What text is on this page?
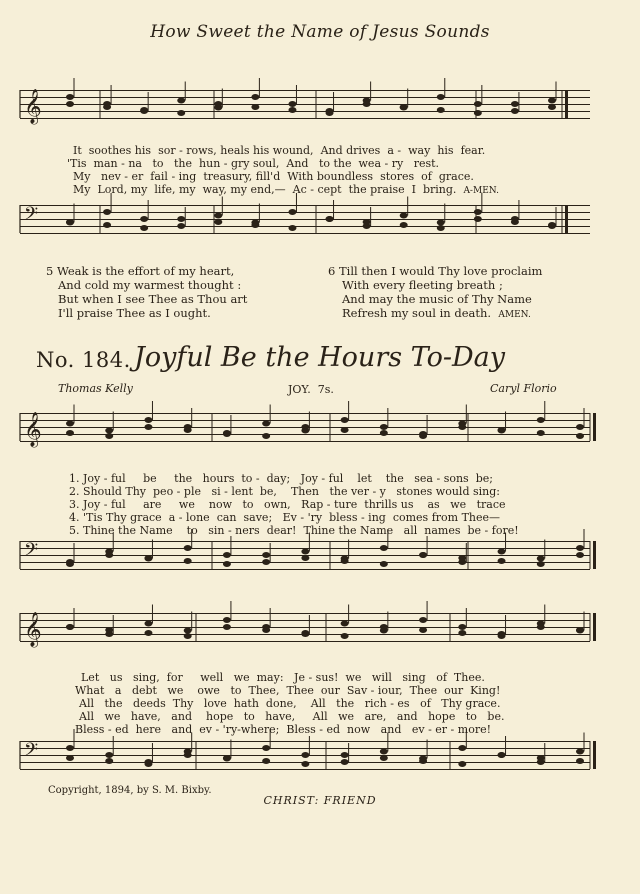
How Sweet the Name of Jesus Sounds

It soothes his sor - rows, heals his wound, And drives a - way his fear.

'Tis man - na to the hun - gry soul, And to the wea - ry rest.

My nev - er fail - ing treasury, fill'd With boundless stores of grace.

My Lord, my life, my way, my end,— Ac - cept the praise I bring. A-MEN.

5 Weak is the effort of my heart,
And cold my warmest thought :
But when I see Thee as Thou art
I'll praise Thee as I ought.
6 Till then I would Thy love proclaim
With every fleeting breath ;
And may the music of Thy Name
Refresh my soul in death. AMEN.
No. 184. Joyful Be the Hours To-Day
Thomas Kelly	JOY. 7s.	Caryl Florio

1. Joy - ful be the hours to - day; Joy - ful let the sea - sons be;

2. Should Thy peo - ple si - lent be, Then the ver - y stones would sing:

3. Joy - ful are we now to own, Rap - ture thrills us as we trace

4. 'Tis Thy grace a - lone can save; Ev - 'ry bless - ing comes from Thee—

5. Thine the Name to sin - ners dear! Thine the Name all names be - fore!

Let us sing, for well we may: Je - sus! we will sing of Thee.

What a debt we owe to Thee, Thee our Sav - iour, Thee our King!

All the deeds Thy love hath done, All the rich - es of Thy grace.

All we have, and hope to have, All we are, and hope to be.

Bless - ed here and ev - 'ry-where; Bless - ed now and ev - er - more!

Copyright, 1894, by S. M. Bixby.
CHRIST: FRIEND
𝄞
𝄢
𝄞
𝄢
𝄞
𝄢
